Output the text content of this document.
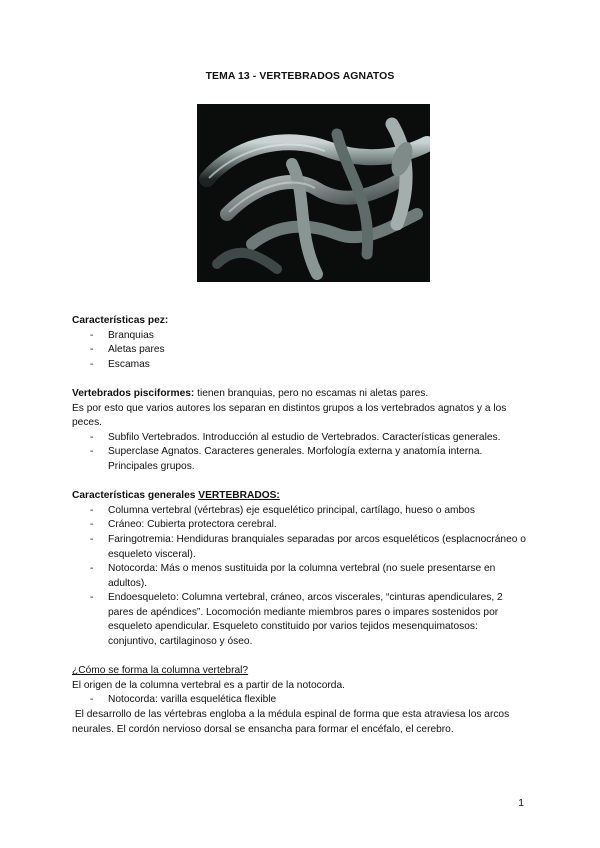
TEMA 13 - VERTEBRADOS AGNATOS

Características pez:

- Branquias
- Aletas pares
- Escamas

Vertebrados pisciformes: tienen branquias, pero no escamas ni aletas pares.

Es por esto que varios autores los separan en distintos grupos a los vertebrados agnatos y a los peces.

- Subfilo Vertebrados. Introducción al estudio de Vertebrados. Características generales.
- Superclase Agnatos. Caracteres generales. Morfología externa y anatomía interna. Principales grupos.

Características generales VERTEBRADOS:

- Columna vertebral (vértebras) eje esquelético principal, cartílago, hueso o ambos
- Cráneo: Cubierta protectora cerebral.
- Faringotremia: Hendiduras branquiales separadas por arcos esqueléticos (esplacnocráneo o esqueleto visceral).
- Notocorda: Más o menos sustituida por la columna vertebral (no suele presentarse en adultos).
- Endoesqueleto: Columna vertebral, cráneo, arcos viscerales, “cinturas apendiculares, 2 pares de apéndices”. Locomoción mediante miembros pares o impares sostenidos por esqueleto apendicular. Esqueleto constituido por varios tejidos mesenquimatosos: conjuntivo, cartilaginoso y óseo.

¿Cómo se forma la columna vertebral?

El origen de la columna vertebral es a partir de la notocorda.

- Notocorda: varilla esquelética flexible

El desarrollo de las vértebras engloba a la médula espinal de forma que esta atraviesa los arcos neurales. El cordón nervioso dorsal se ensancha para formar el encéfalo, el cerebro.

1
